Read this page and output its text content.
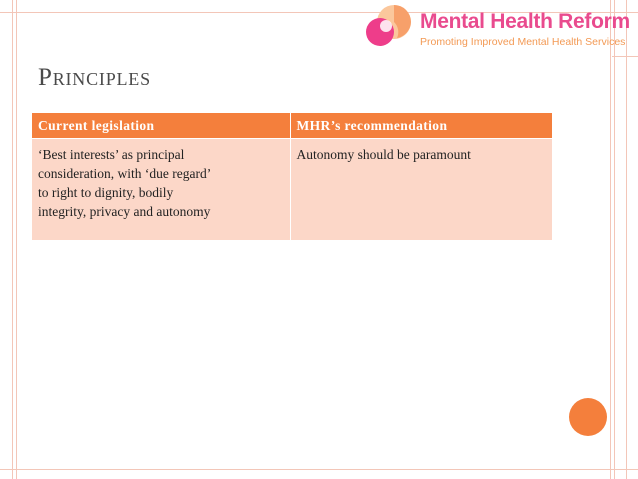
Mental Health Reform
Promoting Improved Mental Health Services
Principles
Current legislation	MHR’s recommendation

‘Best interests’ as principal
consideration, with ‘due regard’
to right to dignity, bodily
integrity, privacy and autonomy	Autonomy should be paramount
